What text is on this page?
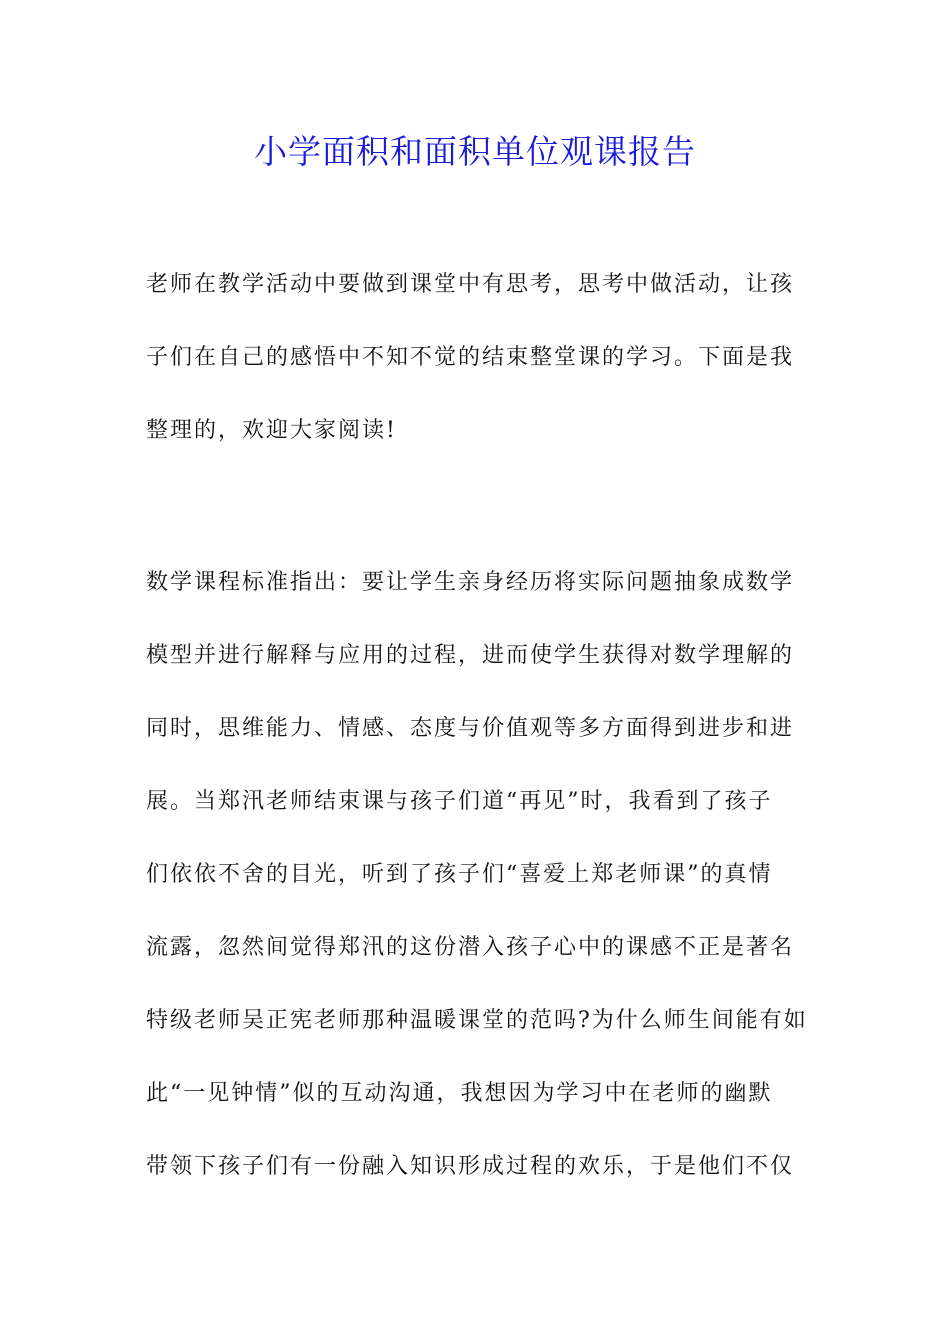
小学面积和面积单位观课报告

老师在教学活动中要做到课堂中有思考，思考中做活动，让孩
子们在自己的感悟中不知不觉的结束整堂课的学习。下面是我
整理的，欢迎大家阅读!

数学课程标准指出：要让学生亲身经历将实际问题抽象成数学
模型并进行解释与应用的过程，进而使学生获得对数学理解的
同时，思维能力、情感、态度与价值观等多方面得到进步和进
展。当郑汛老师结束课与孩子们道“再见”时，我看到了孩子
们依依不舍的目光，听到了孩子们“喜爱上郑老师课”的真情
流露，忽然间觉得郑汛的这份潜入孩子心中的课感不正是著名
特级老师吴正宪老师那种温暖课堂的范吗?为什么师生间能有如
此“一见钟情”似的互动沟通，我想因为学习中在老师的幽默
带领下孩子们有一份融入知识形成过程的欢乐，于是他们不仅
